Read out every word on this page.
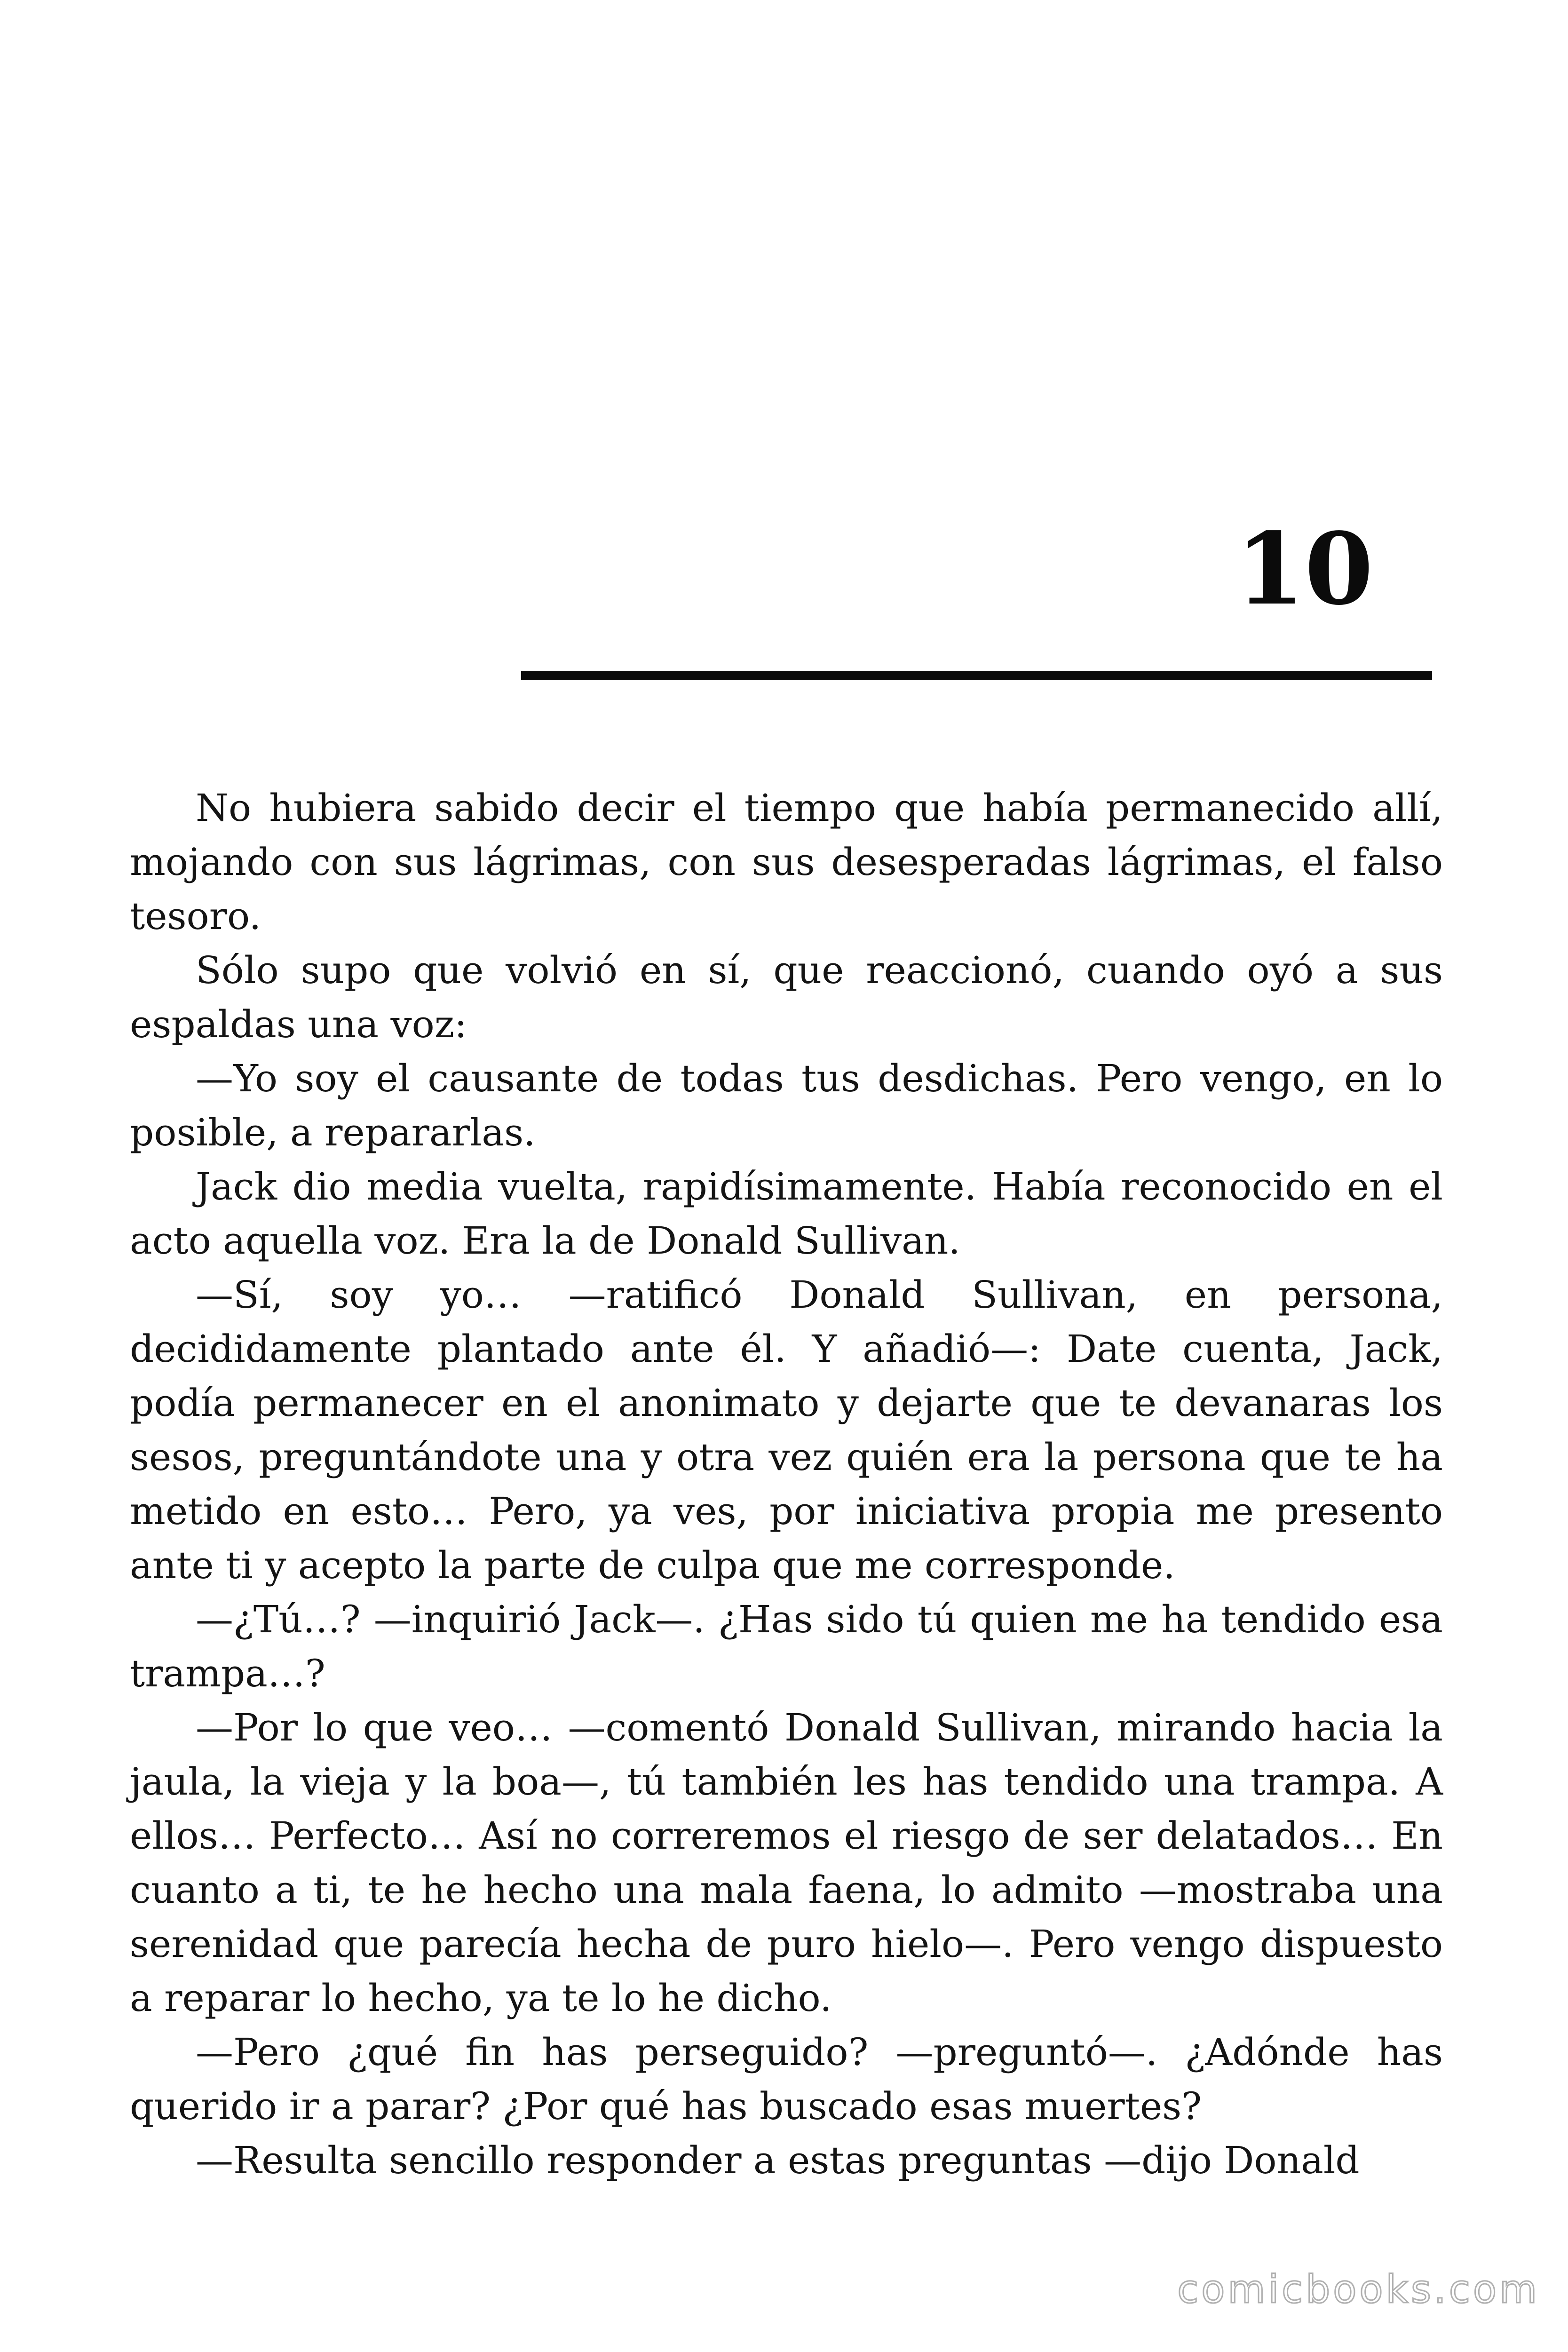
10

No hubiera sabido decir el tiempo que había permanecido allí, mojando con sus lágrimas, con sus desesperadas lágrimas, el falso tesoro.

Sólo supo que volvió en sí, que reaccionó, cuando oyó a sus espaldas una voz:

—Yo soy el causante de todas tus desdichas. Pero vengo, en lo posible, a repararlas.

Jack dio media vuelta, rapidísimamente. Había reconocido en el acto aquella voz. Era la de Donald Sullivan.

—Sí, soy yo… —ratificó Donald Sullivan, en persona, decididamente plantado ante él. Y añadió—: Date cuenta, Jack, podía permanecer en el anonimato y dejarte que te devanaras los sesos, preguntándote una y otra vez quién era la persona que te ha metido en esto… Pero, ya ves, por iniciativa propia me presento ante ti y acepto la parte de culpa que me corresponde.

—¿Tú…? —inquirió Jack—. ¿Has sido tú quien me ha tendido esa trampa…?

—Por lo que veo… —comentó Donald Sullivan, mirando hacia la jaula, la vieja y la boa—, tú también les has tendido una trampa. A ellos… Perfecto… Así no correremos el riesgo de ser delatados… En cuanto a ti, te he hecho una mala faena, lo admito —mostraba una serenidad que parecía hecha de puro hielo—. Pero vengo dispuesto a reparar lo hecho, ya te lo he dicho.

—Pero ¿qué fin has perseguido? —preguntó—. ¿Adónde has querido ir a parar? ¿Por qué has buscado esas muertes?

—Resulta sencillo responder a estas preguntas —dijo Donald

comicbooks.com
